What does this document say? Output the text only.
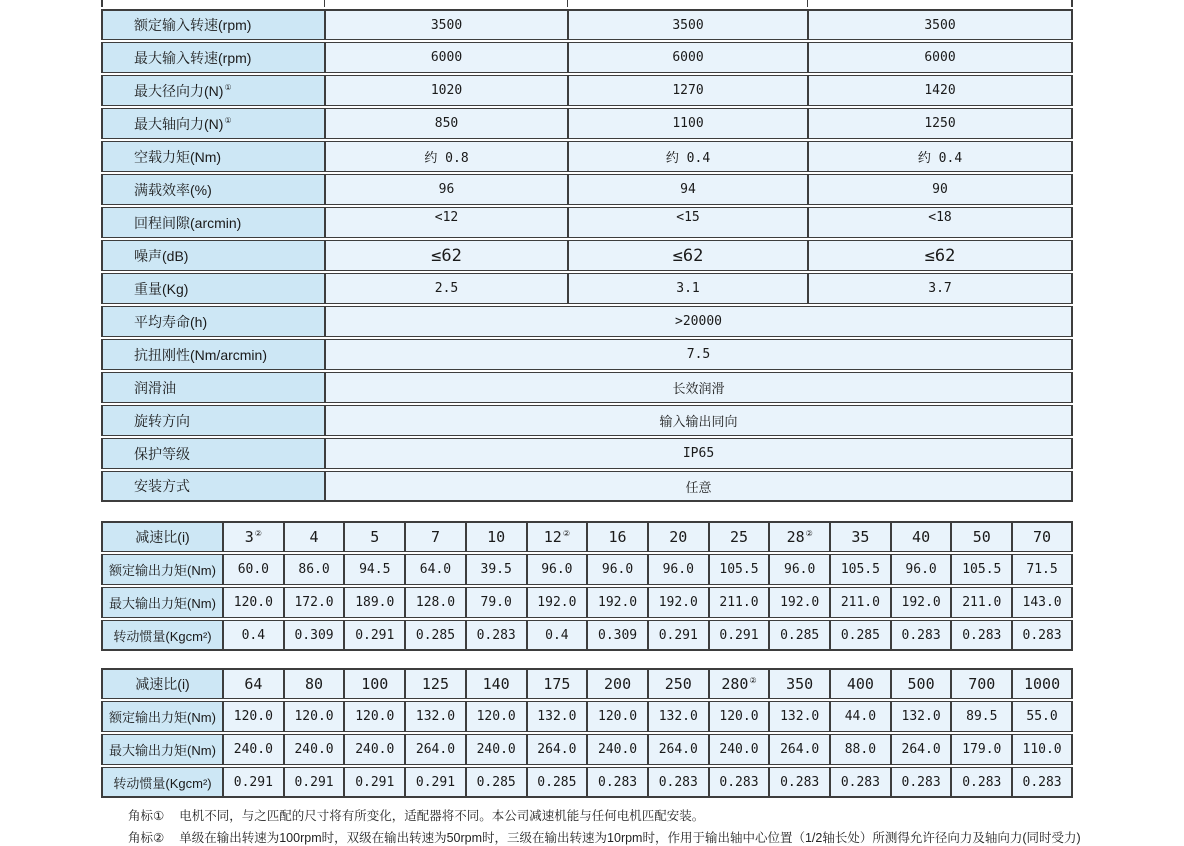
额定输入转速(rpm)	3500	3500	3500
最大输入转速(rpm)	6000	6000	6000
最大径向力(N)①	1020	1270	1420
最大轴向力(N)①	850	1100	1250
空载力矩(Nm)	约 0.8	约 0.4	约 0.4
满载效率(%)	96	94	90
回程间隙(arcmin)	<12	<15	<18
噪声(dB)	≤62	≤62	≤62
重量(Kg)	2.5	3.1	3.7
平均寿命(h)	>20000		
抗扭刚性(Nm/arcmin)	7.5		
润滑油	长效润滑		
旋转方向	输入输出同向		
保护等级	IP65		
安装方式	任意		
减速比(i)	3②	4	5	7	10	12②	16	20	25	28②	35	40	50	70
额定输出力矩(Nm)	60.0	86.0	94.5	64.0	39.5	96.0	96.0	96.0	105.5	96.0	105.5	96.0	105.5	71.5
最大输出力矩(Nm)	120.0	172.0	189.0	128.0	79.0	192.0	192.0	192.0	211.0	192.0	211.0	192.0	211.0	143.0
转动惯量(Kgcm²)	0.4	0.309	0.291	0.285	0.283	0.4	0.309	0.291	0.291	0.285	0.285	0.283	0.283	0.283
减速比(i)	64	80	100	125	140	175	200	250	280②	350	400	500	700	1000
额定输出力矩(Nm)	120.0	120.0	120.0	132.0	120.0	132.0	120.0	132.0	120.0	132.0	44.0	132.0	89.5	55.0
最大输出力矩(Nm)	240.0	240.0	240.0	264.0	240.0	264.0	240.0	264.0	240.0	264.0	88.0	264.0	179.0	110.0
转动惯量(Kgcm²)	0.291	0.291	0.291	0.291	0.285	0.285	0.283	0.283	0.283	0.283	0.283	0.283	0.283	0.283
角标① 电机不同，与之匹配的尺寸将有所变化，适配器将不同。本公司减速机能与任何电机匹配安装。
角标② 单级在输出转速为100rpm时，双级在输出转速为50rpm时，三级在输出转速为10rpm时，作用于输出轴中心位置（1/2轴长处）所测得允许径向力及轴向力(同时受力)
